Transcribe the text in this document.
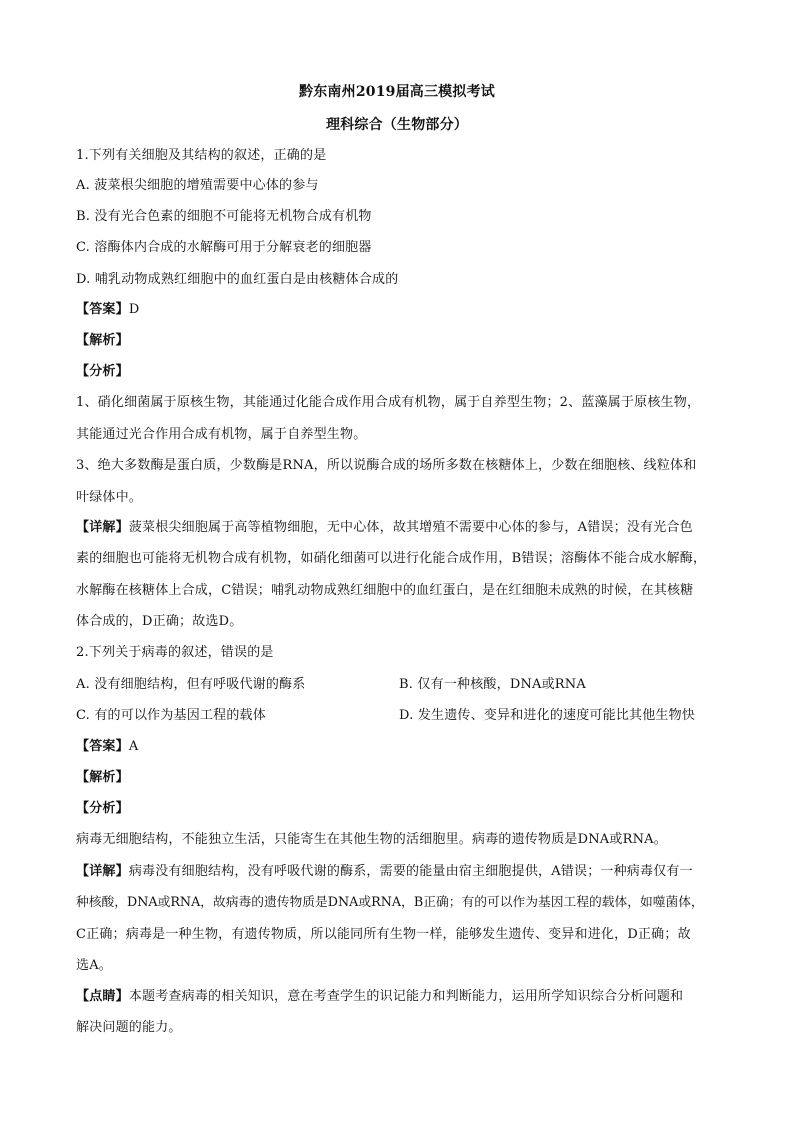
黔东南州2019届高三模拟考试
理科综合（生物部分）
1.下列有关细胞及其结构的叙述，正确的是
A. 菠菜根尖细胞的增殖需要中心体的参与
B. 没有光合色素的细胞不可能将无机物合成有机物
C. 溶酶体内合成的水解酶可用于分解衰老的细胞器
D. 哺乳动物成熟红细胞中的血红蛋白是由核糖体合成的
【答案】D
【解析】
【分析】
1、硝化细菌属于原核生物，其能通过化能合成作用合成有机物，属于自养型生物；2、蓝藻属于原核生物，
其能通过光合作用合成有机物，属于自养型生物。
3、绝大多数酶是蛋白质，少数酶是RNA，所以说酶合成的场所多数在核糖体上，少数在细胞核、线粒体和
叶绿体中。
【详解】菠菜根尖细胞属于高等植物细胞，无中心体，故其增殖不需要中心体的参与，A错误；没有光合色
素的细胞也可能将无机物合成有机物，如硝化细菌可以进行化能合成作用，B错误；溶酶体不能合成水解酶，
水解酶在核糖体上合成，C错误；哺乳动物成熟红细胞中的血红蛋白，是在红细胞未成熟的时候，在其核糖
体合成的，D正确；故选D。
2.下列关于病毒的叙述，错误的是
A. 没有细胞结构，但有呼吸代谢的酶系	B. 仅有一种核酸，DNA或RNA
C. 有的可以作为基因工程的载体	D. 发生遗传、变异和进化的速度可能比其他生物快
【答案】A
【解析】
【分析】
病毒无细胞结构，不能独立生活，只能寄生在其他生物的活细胞里。病毒的遗传物质是DNA或RNA。
【详解】病毒没有细胞结构，没有呼吸代谢的酶系，需要的能量由宿主细胞提供，A错误；一种病毒仅有一
种核酸，DNA或RNA，故病毒的遗传物质是DNA或RNA，B正确；有的可以作为基因工程的载体，如噬菌体，
C正确；病毒是一种生物，有遗传物质，所以能同所有生物一样，能够发生遗传、变异和进化，D正确；故
选A。
【点睛】本题考查病毒的相关知识，意在考查学生的识记能力和判断能力，运用所学知识综合分析问题和
解决问题的能力。
